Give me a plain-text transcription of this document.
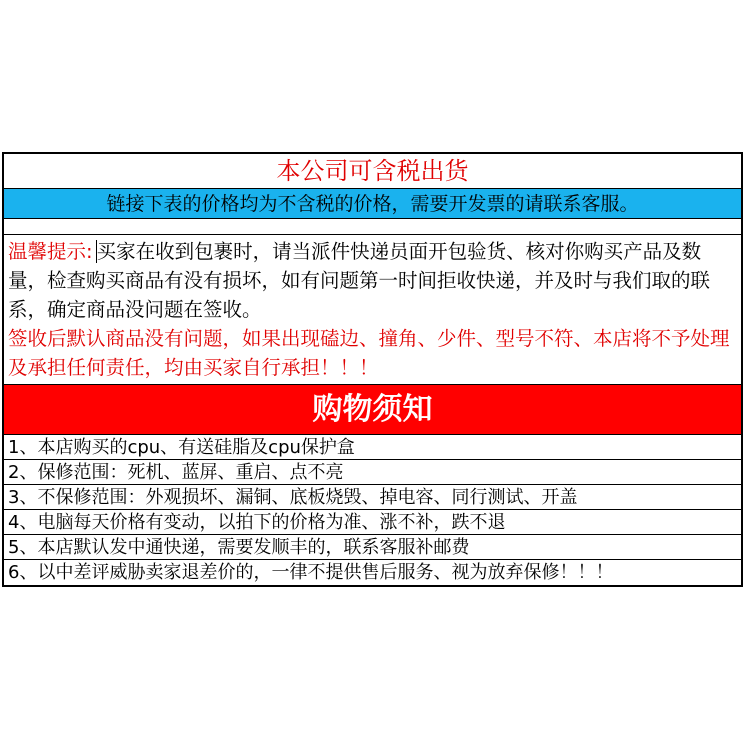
本公司可含税出货
链接下表的价格均为不含税的价格，需要开发票的请联系客服。
温馨提示: 买家在收到包裹时，请当派件快递员面开包验货、核对你购买产品及数量，检查购买商品有没有损坏，如有问题第一时间拒收快递，并及时与我们取的联系，确定商品没问题在签收。
签收后默认商品没有问题，如果出现磕边、撞角、少件、型号不符、本店将不予处理及承担任何责任，均由买家自行承担！！！
购物须知
1、本店购买的cpu、有送硅脂及cpu保护盒
2、保修范围：死机、蓝屏、重启、点不亮
3、不保修范围：外观损坏、漏铜、底板烧毁、掉电容、同行测试、开盖
4、电脑每天价格有变动，以拍下的价格为准、涨不补，跌不退
5、本店默认发中通快递，需要发顺丰的，联系客服补邮费
6、以中差评威胁卖家退差价的，一律不提供售后服务、视为放弃保修！！！
